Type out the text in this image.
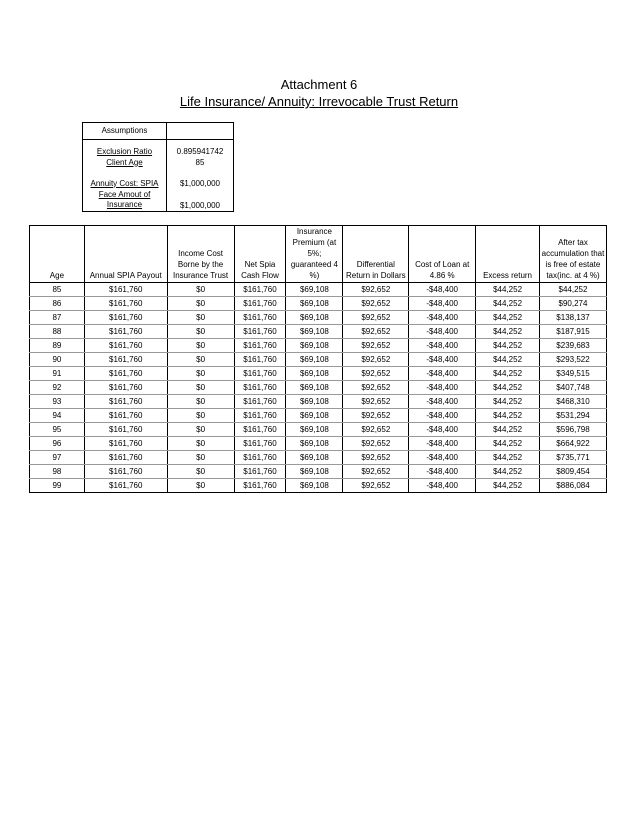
Attachment 6
Life Insurance/ Annuity: Irrevocable Trust Return
Assumptions	

Exclusion Ratio	0.895941742
Client Age	85

Annuity Cost: SPIA	$1,000,000
Face Amout of Insurance	$1,000,000
Age	Annual SPIA Payout	Income Cost Borne by the Insurance Trust	Net Spia Cash Flow	Insurance Premium (at 5%; guaranteed 4 %)	Differential Return in Dollars	Cost of Loan at 4.86 %	Excess return	After tax accumulation that is free of estate tax(inc. at 4 %)
85	$161,760	$0	$161,760	$69,108	$92,652	-$48,400	$44,252	$44,252
86	$161,760	$0	$161,760	$69,108	$92,652	-$48,400	$44,252	$90,274
87	$161,760	$0	$161,760	$69,108	$92,652	-$48,400	$44,252	$138,137
88	$161,760	$0	$161,760	$69,108	$92,652	-$48,400	$44,252	$187,915
89	$161,760	$0	$161,760	$69,108	$92,652	-$48,400	$44,252	$239,683
90	$161,760	$0	$161,760	$69,108	$92,652	-$48,400	$44,252	$293,522
91	$161,760	$0	$161,760	$69,108	$92,652	-$48,400	$44,252	$349,515
92	$161,760	$0	$161,760	$69,108	$92,652	-$48,400	$44,252	$407,748
93	$161,760	$0	$161,760	$69,108	$92,652	-$48,400	$44,252	$468,310
94	$161,760	$0	$161,760	$69,108	$92,652	-$48,400	$44,252	$531,294
95	$161,760	$0	$161,760	$69,108	$92,652	-$48,400	$44,252	$596,798
96	$161,760	$0	$161,760	$69,108	$92,652	-$48,400	$44,252	$664,922
97	$161,760	$0	$161,760	$69,108	$92,652	-$48,400	$44,252	$735,771
98	$161,760	$0	$161,760	$69,108	$92,652	-$48,400	$44,252	$809,454
99	$161,760	$0	$161,760	$69,108	$92,652	-$48,400	$44,252	$886,084
